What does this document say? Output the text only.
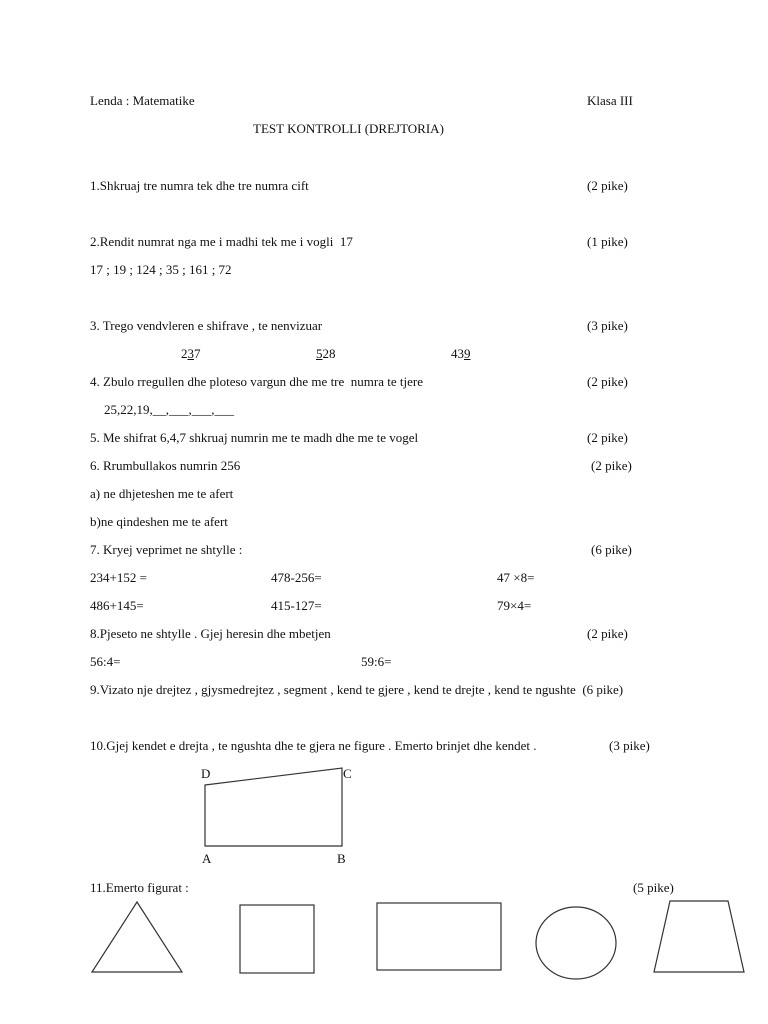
Lenda : Matematike	Klasa III
TEST KONTROLLI (DREJTORIA)
1.Shkruaj tre numra tek dhe tre numra cift	(2 pike)
2.Rendit numrat nga me i madhi tek me i vogli  17	(1 pike)
17 ; 19 ; 124 ; 35 ; 161 ; 72
3. Trego vendvleren e shifrave , te nenvizuar	(3 pike)
237	528	439
4. Zbulo rregullen dhe ploteso vargun dhe me tre  numra te tjere	(2 pike)
25,22,19,__,___,___,___
5. Me shifrat 6,4,7 shkruaj numrin me te madh dhe me te vogel	(2 pike)
6. Rrumbullakos numrin 256	(2 pike)
a) ne dhjeteshen me te afert
b)ne qindeshen me te afert
7. Kryej veprimet ne shtylle :	(6 pike)
234+152 =	478-256=	47 ×8=
486+145=	415-127=	79×4=
8.Pjeseto ne shtylle . Gjej heresin dhe mbetjen	(2 pike)
56:4=	59:6=
9.Vizato nje drejtez , gjysmedrejtez , segment , kend te gjere , kend te drejte , kend te ngushte  (6 pike)
10.Gjej kendet e drejta , te ngushta dhe te gjera ne figure . Emerto brinjet dhe kendet .	(3 pike)
D	C
A	B
11.Emerto figurat :	(5 pike)
